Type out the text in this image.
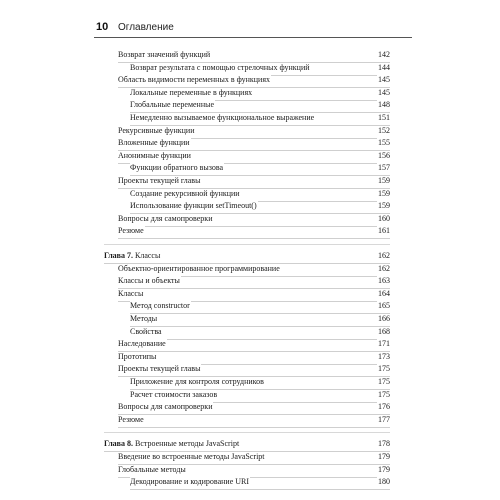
10 Оглавление
Возврат значений функций	142
Возврат результата с помощью стрелочных функций	144
Область видимости переменных в функциях	145
Локальные переменные в функциях	145
Глобальные переменные	148
Немедленно вызываемое функциональное выражение	151
Рекурсивные функции	152
Вложенные функции	155
Анонимные функции	156
Функции обратного вызова	157
Проекты текущей главы	159
Создание рекурсивной функции	159
Использование функции setTimeout()	159
Вопросы для самопроверки	160
Резюме	161
Глава 7. Классы	162
Объектно-ориентированное программирование	162
Классы и объекты	163
Классы	164
Метод constructor	165
Методы	166
Свойства	168
Наследование	171
Прототипы	173
Проекты текущей главы	175
Приложение для контроля сотрудников	175
Расчет стоимости заказов	175
Вопросы для самопроверки	176
Резюме	177
Глава 8. Встроенные методы JavaScript	178
Введение во встроенные методы JavaScript	179
Глобальные методы	179
Декодирование и кодирование URI	180
